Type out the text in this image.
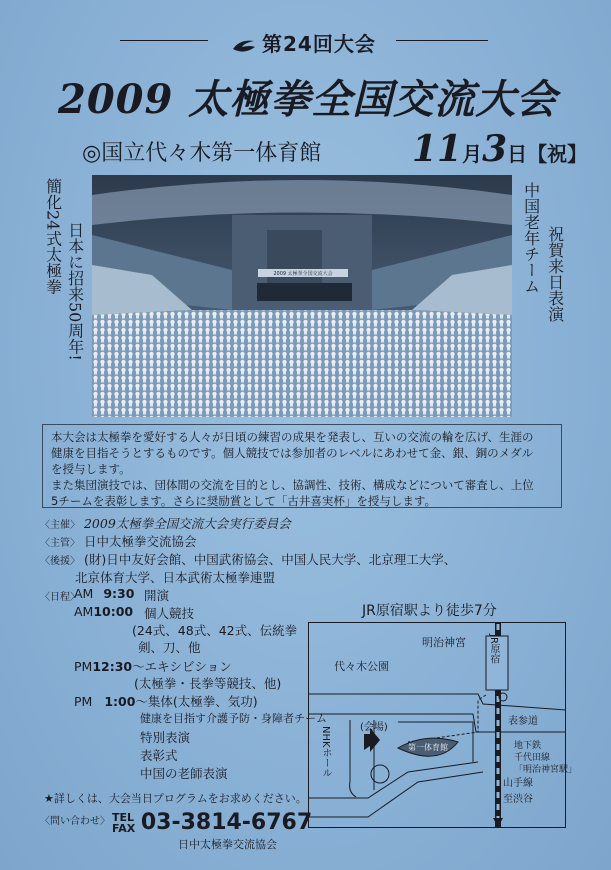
第24回大会
2009 太極拳全国交流大会
◎国立代々木第一体育館	11月3日【祝】
簡化24式太極拳 日本に招来50周年!	中国老年チーム 祝賀来日表演
2009 太極拳全国交流大会

本大会は太極拳を愛好する人々が日頃の練習の成果を発表し、互いの交流の輪を広げ、生涯の

健康を目指そうとするものです。個人競技では参加者のレベルにあわせて金、銀、銅のメダル

を授与します。

また集団演技では、団体間の交流を目的とし、協調性、技術、構成などについて審査し、上位

5チームを表彰します。さらに奨励賞として「古井喜実杯」を授与します。

〈主催〉 2009太極拳全国交流大会実行委員会
〈主管〉 日中太極拳交流協会
〈後援〉 (財)日中友好会館、中国武術協会、中国人民大学、北京理工大学、
北京体育大学、日本武術太極拳連盟
〈日程〉
AM 9:30 開演
AM10:00 個人競技
(24式、48式、42式、伝統拳
剣、刀、他
PM12:30〜エキシビション
(太極拳・長拳等競技、他)
PM 1:00〜集体(太極拳、気功)
健康を目指す介護予防・身障者チーム
特別表演
表彰式
中国の老師表演
★詳しくは、大会当日プログラムをお求めください。
〈問い合わせ〉 TEL
FAX 03-3814-6767
日中太極拳交流協会
JR原宿駅より徒歩7分
明治神宮
代々木公園
表参道
地下鉄
千代田線
「明治神宮駅」
(会場)
第一体育館
山手線
至渋谷
JR原宿
NHKホール
